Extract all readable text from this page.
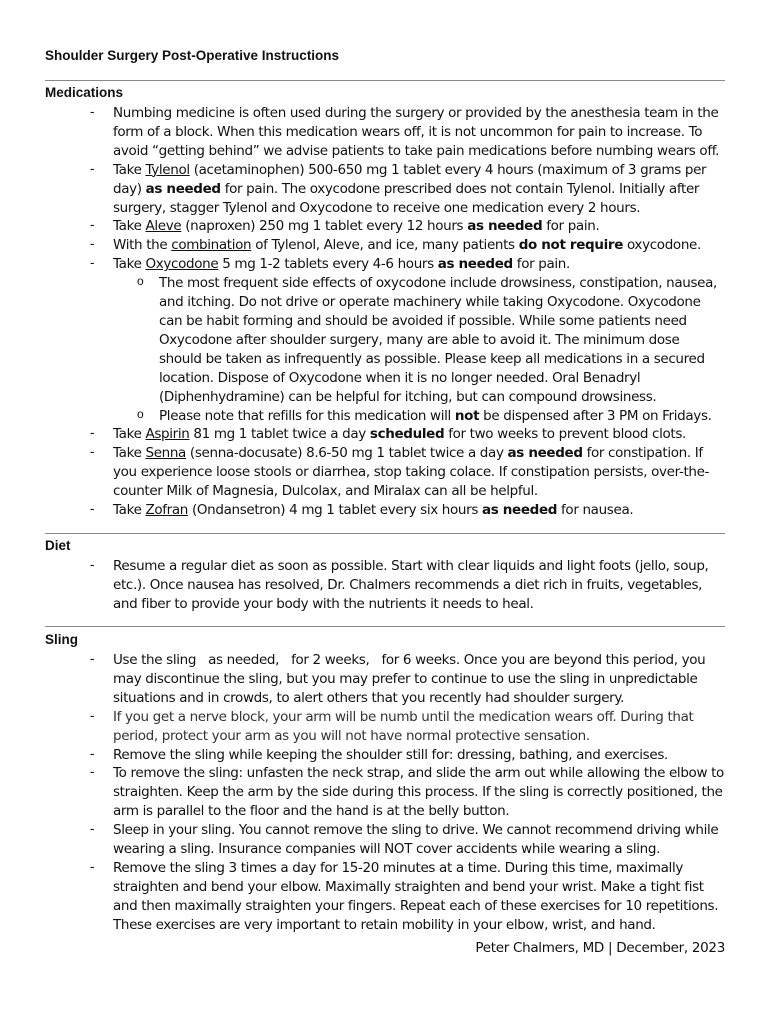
Shoulder Surgery Post-Operative Instructions
Medications
- Numbing medicine is often used during the surgery or provided by the anesthesia team in the form of a block. When this medication wears off, it is not uncommon for pain to increase. To avoid “getting behind” we advise patients to take pain medications before numbing wears off.
- Take Tylenol (acetaminophen) 500-650 mg 1 tablet every 4 hours (maximum of 3 grams per day) as needed for pain. The oxycodone prescribed does not contain Tylenol. Initially after surgery, stagger Tylenol and Oxycodone to receive one medication every 2 hours.
- Take Aleve (naproxen) 250 mg 1 tablet every 12 hours as needed for pain.
- With the combination of Tylenol, Aleve, and ice, many patients do not require oxycodone.
- Take Oxycodone 5 mg 1-2 tablets every 4-6 hours as needed for pain.
o The most frequent side effects of oxycodone include drowsiness, constipation, nausea, and itching. Do not drive or operate machinery while taking Oxycodone. Oxycodone can be habit forming and should be avoided if possible. While some patients need Oxycodone after shoulder surgery, many are able to avoid it. The minimum dose should be taken as infrequently as possible. Please keep all medications in a secured location. Dispose of Oxycodone when it is no longer needed. Oral Benadryl (Diphenhydramine) can be helpful for itching, but can compound drowsiness.
o Please note that refills for this medication will not be dispensed after 3 PM on Fridays.
- Take Aspirin 81 mg 1 tablet twice a day scheduled for two weeks to prevent blood clots.
- Take Senna (senna-docusate) 8.6-50 mg 1 tablet twice a day as needed for constipation. If you experience loose stools or diarrhea, stop taking colace. If constipation persists, over-the-counter Milk of Magnesia, Dulcolax, and Miralax can all be helpful.
- Take Zofran (Ondansetron) 4 mg 1 tablet every six hours as needed for nausea.
Diet
- Resume a regular diet as soon as possible. Start with clear liquids and light foots (jello, soup, etc.). Once nausea has resolved, Dr. Chalmers recommends a diet rich in fruits, vegetables, and fiber to provide your body with the nutrients it needs to heal.
Sling
- Use the sling as needed, for 2 weeks, for 6 weeks. Once you are beyond this period, you may discontinue the sling, but you may prefer to continue to use the sling in unpredictable situations and in crowds, to alert others that you recently had shoulder surgery.
- If you get a nerve block, your arm will be numb until the medication wears off. During that period, protect your arm as you will not have normal protective sensation.
- Remove the sling while keeping the shoulder still for: dressing, bathing, and exercises.
- To remove the sling: unfasten the neck strap, and slide the arm out while allowing the elbow to straighten. Keep the arm by the side during this process. If the sling is correctly positioned, the arm is parallel to the floor and the hand is at the belly button.
- Sleep in your sling. You cannot remove the sling to drive. We cannot recommend driving while wearing a sling. Insurance companies will NOT cover accidents while wearing a sling.
- Remove the sling 3 times a day for 15-20 minutes at a time. During this time, maximally straighten and bend your elbow. Maximally straighten and bend your wrist. Make a tight fist and then maximally straighten your fingers. Repeat each of these exercises for 10 repetitions. These exercises are very important to retain mobility in your elbow, wrist, and hand.
Peter Chalmers, MD | December, 2023
